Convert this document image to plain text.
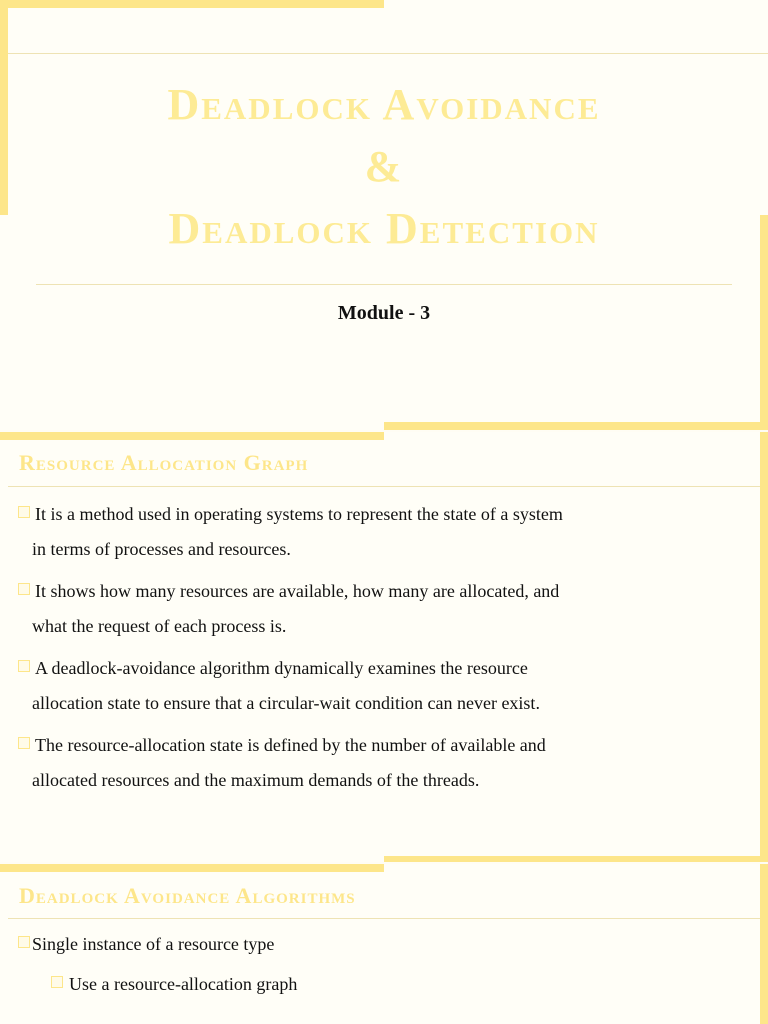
Deadlock Avoidance
&
Deadlock Detection
Module - 3
Resource Allocation Graph
It is a method used in operating systems to represent the state of a system
in terms of processes and resources.
It shows how many resources are available, how many are allocated, and
what the request of each process is.
A deadlock-avoidance algorithm dynamically examines the resource
allocation state to ensure that a circular-wait condition can never exist.
The resource-allocation state is defined by the number of available and
allocated resources and the maximum demands of the threads.
Deadlock Avoidance Algorithms
Single instance of a resource type
Use a resource-allocation graph
